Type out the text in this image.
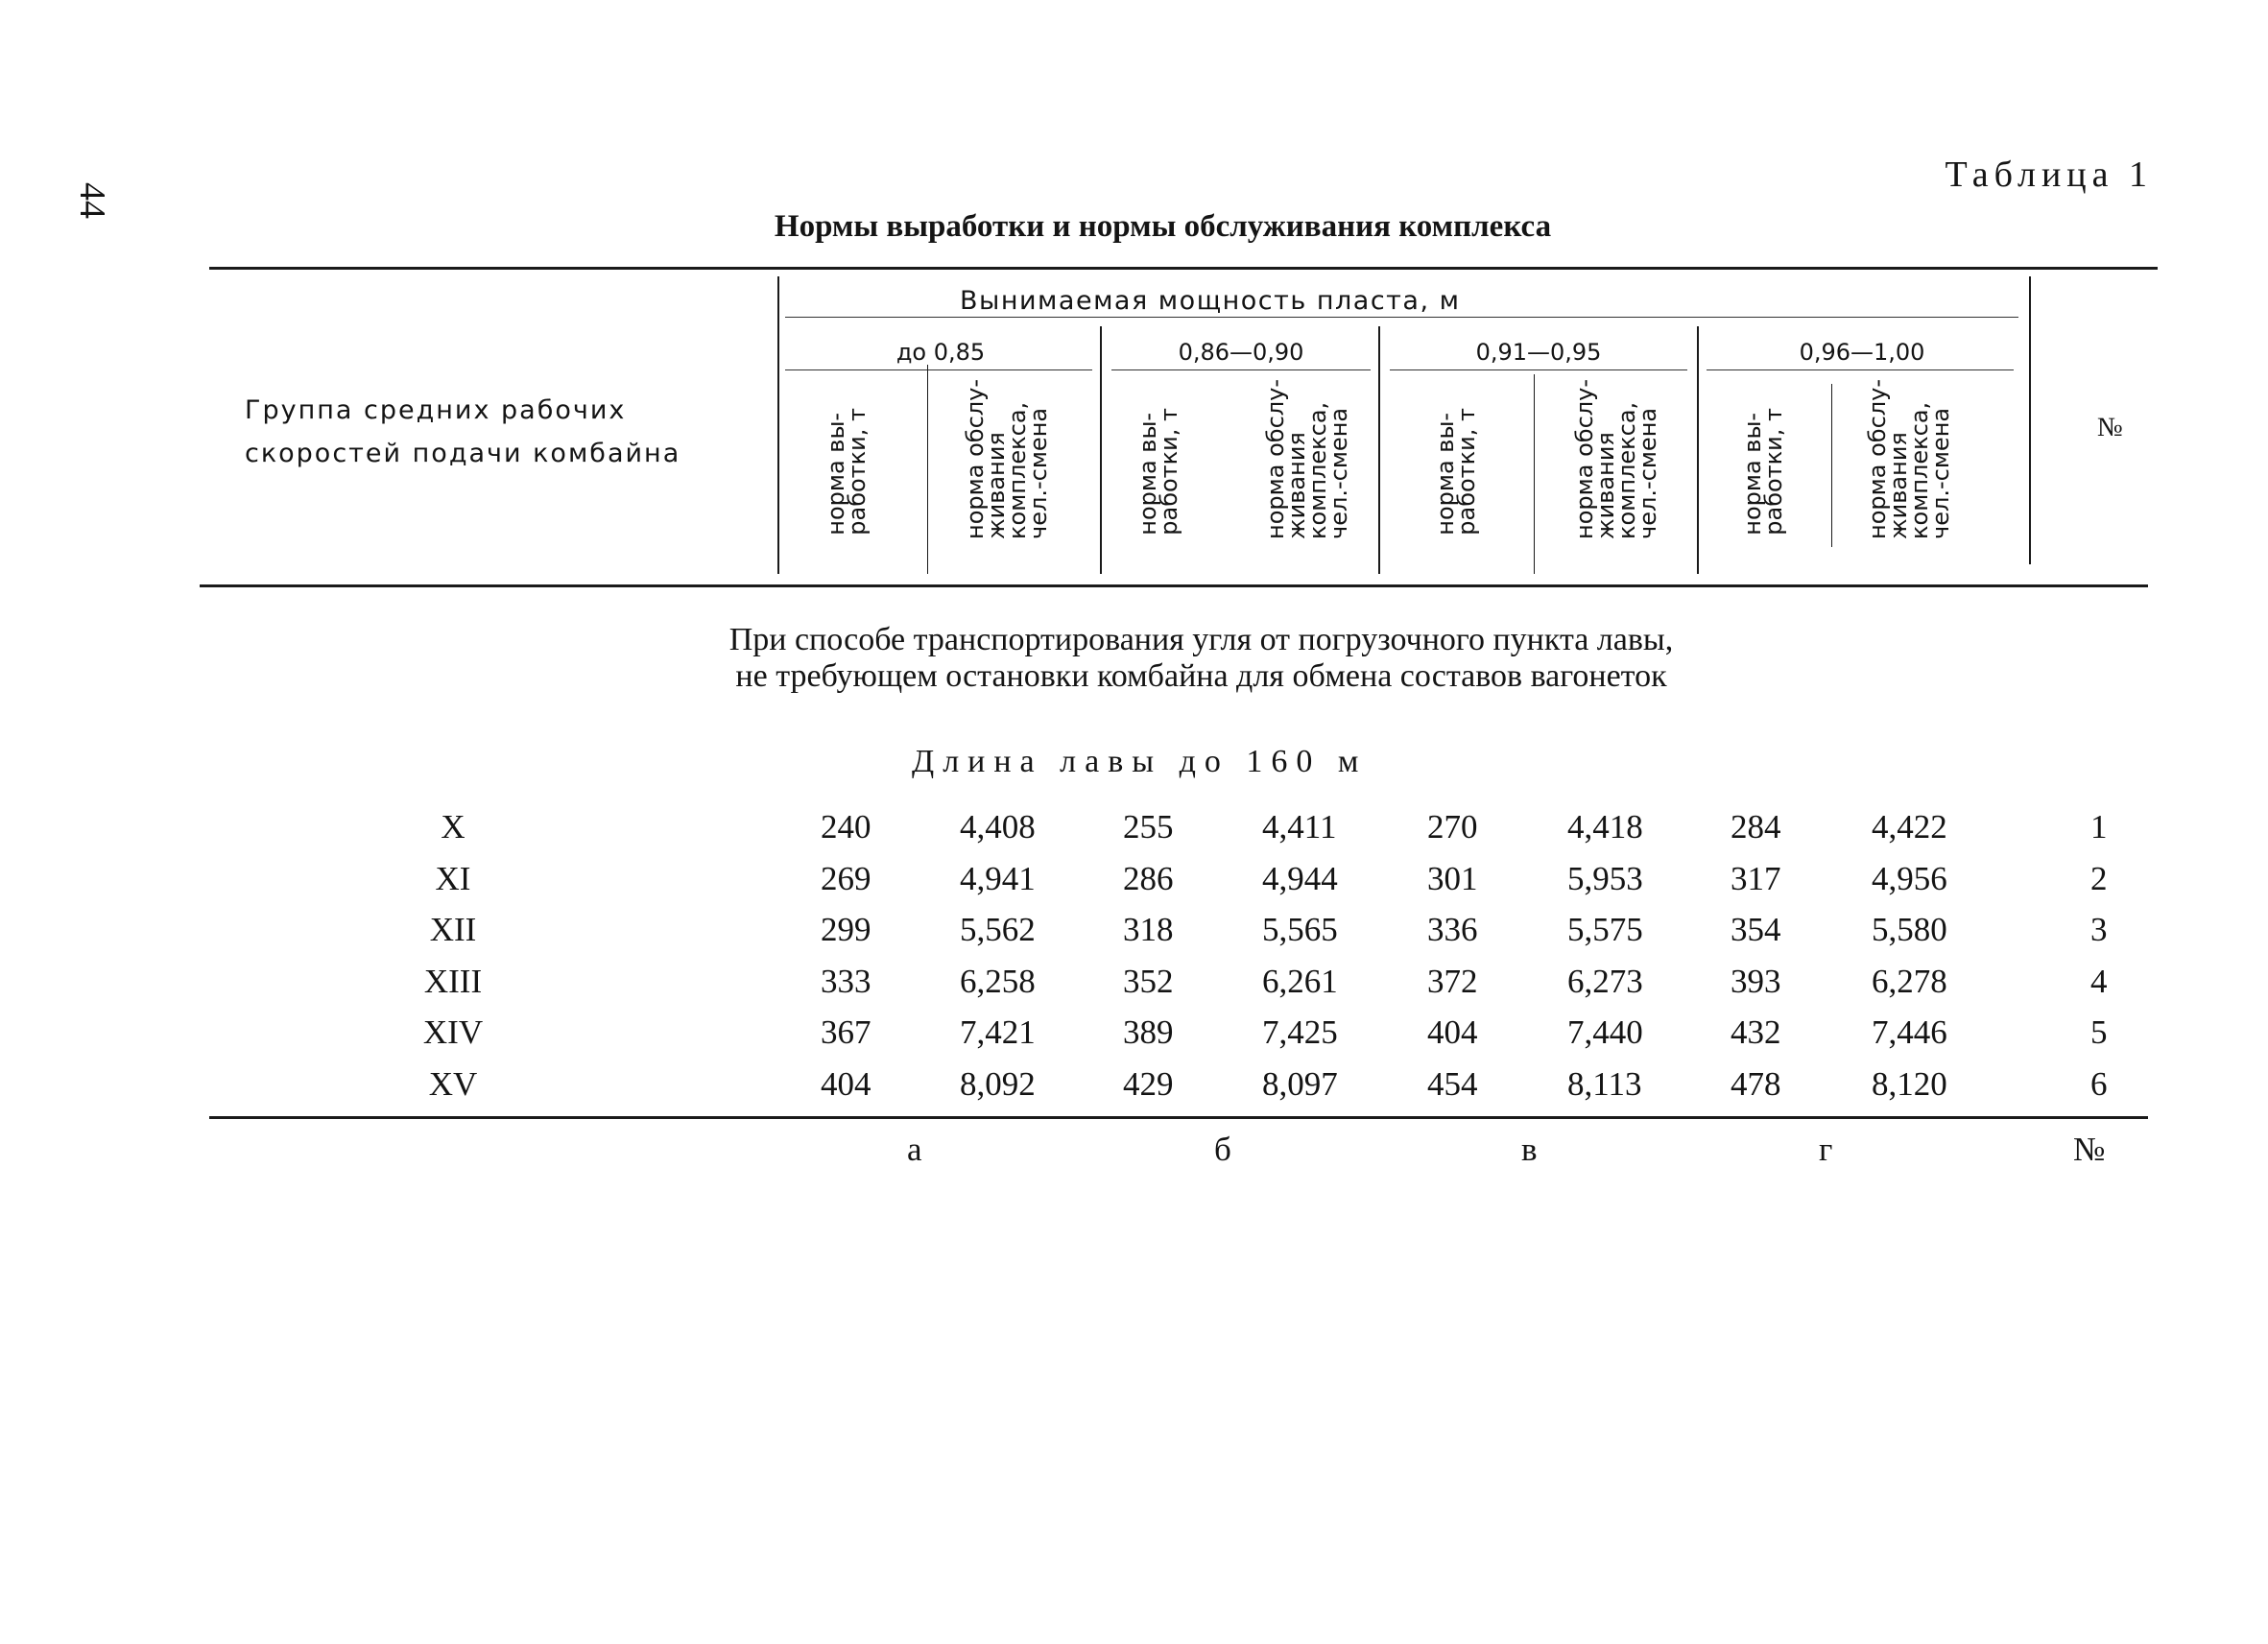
44
Таблица 1
Нормы выработки и нормы обслуживания комплекса
Группа средних рабочих
скоростей подачи комбайна
Вынимаемая мощность пласта, м
до 0,85	0,86—0,90	0,91—0,95	0,96—1,00
норма вы-
работки, т
норма обслу-
живания
комплекса,
чел.-смена	норма вы-
работки, т
норма обслу-
живания
комплекса,
чел.-смена	норма вы-
работки, т
норма обслу-
живания
комплекса,
чел.-смена	норма вы-
работки, т
норма обслу-
живания
комплекса,
чел.-смена	№
При способе транспортирования угля от погрузочного пункта лавы,
не требующем остановки комбайна для обмена составов вагонеток
Длина лавы до 160 м
X	240	4,408	255	4,411	270	4,418	284	4,422	1
XI	269	4,941	286	4,944	301	5,953	317	4,956	2
XII	299	5,562	318	5,565	336	5,575	354	5,580	3
XIII	333	6,258	352	6,261	372	6,273	393	6,278	4
XIV	367	7,421	389	7,425	404	7,440	432	7,446	5
XV	404	8,092	429	8,097	454	8,113	478	8,120	6
а	б	в	г	№
